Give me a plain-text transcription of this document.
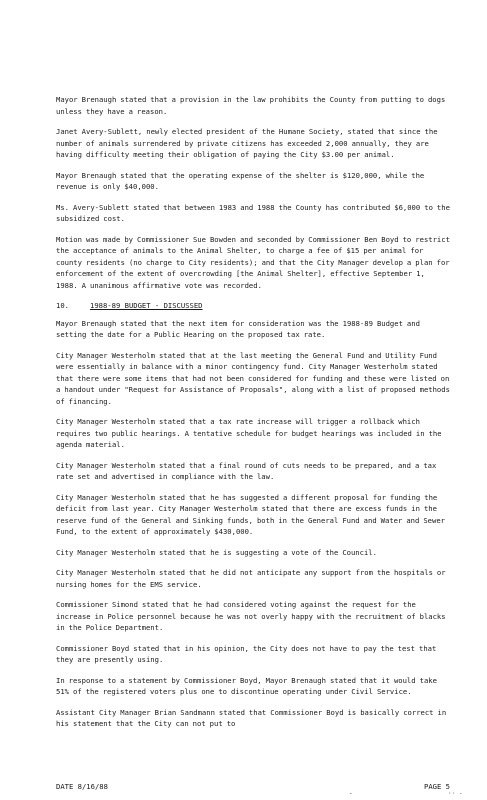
Mayor Brenaugh stated that a provision in the law prohibits the County from putting to dogs unless they have a reason.

Janet Avery-Sublett, newly elected president of the Humane Society, stated that since the number of animals surrendered by private citizens has exceeded 2,000 annually, they are having difficulty meeting their obligation of paying the City $3.00 per animal.

Mayor Brenaugh stated that the operating expense of the shelter is $120,000, while the revenue is only $40,000.

Ms. Avery-Sublett stated that between 1983 and 1988 the County has contributed $6,000 to the subsidized cost.

Motion was made by Commissioner Sue Bowden and seconded by Commissioner Ben Boyd to restrict the acceptance of animals to the Animal Shelter, to charge a fee of $15 per animal for county residents (no charge to City residents); and that the City Manager develop a plan for enforcement of the extent of overcrowding [the Animal Shelter], effective September 1, 1988. A unanimous affirmative vote was recorded.

10.	1988-89 BUDGET - DISCUSSED

Mayor Brenaugh stated that the next item for consideration was the 1988-89 Budget and setting the date for a Public Hearing on the proposed tax rate.

City Manager Westerholm stated that at the last meeting the General Fund and Utility Fund were essentially in balance with a minor contingency fund. City Manager Westerholm stated that there were some items that had not been considered for funding and these were listed on a handout under "Request for Assistance of Proposals", along with a list of proposed methods of financing.

City Manager Westerholm stated that a tax rate increase will trigger a rollback which requires two public hearings. A tentative schedule for budget hearings was included in the agenda material.

City Manager Westerholm stated that a final round of cuts needs to be prepared, and a tax rate set and advertised in compliance with the law.

City Manager Westerholm stated that he has suggested a different proposal for funding the deficit from last year. City Manager Westerholm stated that there are excess funds in the reserve fund of the General and Sinking funds, both in the General Fund and Water and Sewer Fund, to the extent of approximately $430,000.

City Manager Westerholm stated that he is suggesting a vote of the Council.

City Manager Westerholm stated that he did not anticipate any support from the hospitals or nursing homes for the EMS service.

Commissioner Simond stated that he had considered voting against the request for the increase in Police personnel because he was not overly happy with the recruitment of blacks in the Police Department.

Commissioner Boyd stated that in his opinion, the City does not have to pay the test that they are presently using.

In response to a statement by Commissioner Boyd, Mayor Brenaugh stated that it would take 51% of the registered voters plus one to discontinue operating under Civil Service.

Assistant City Manager Brian Sandmann stated that Commissioner Boyd is basically correct in his statement that the City can not put to

DATE 8/16/88	PAGE 5
-	·· -
